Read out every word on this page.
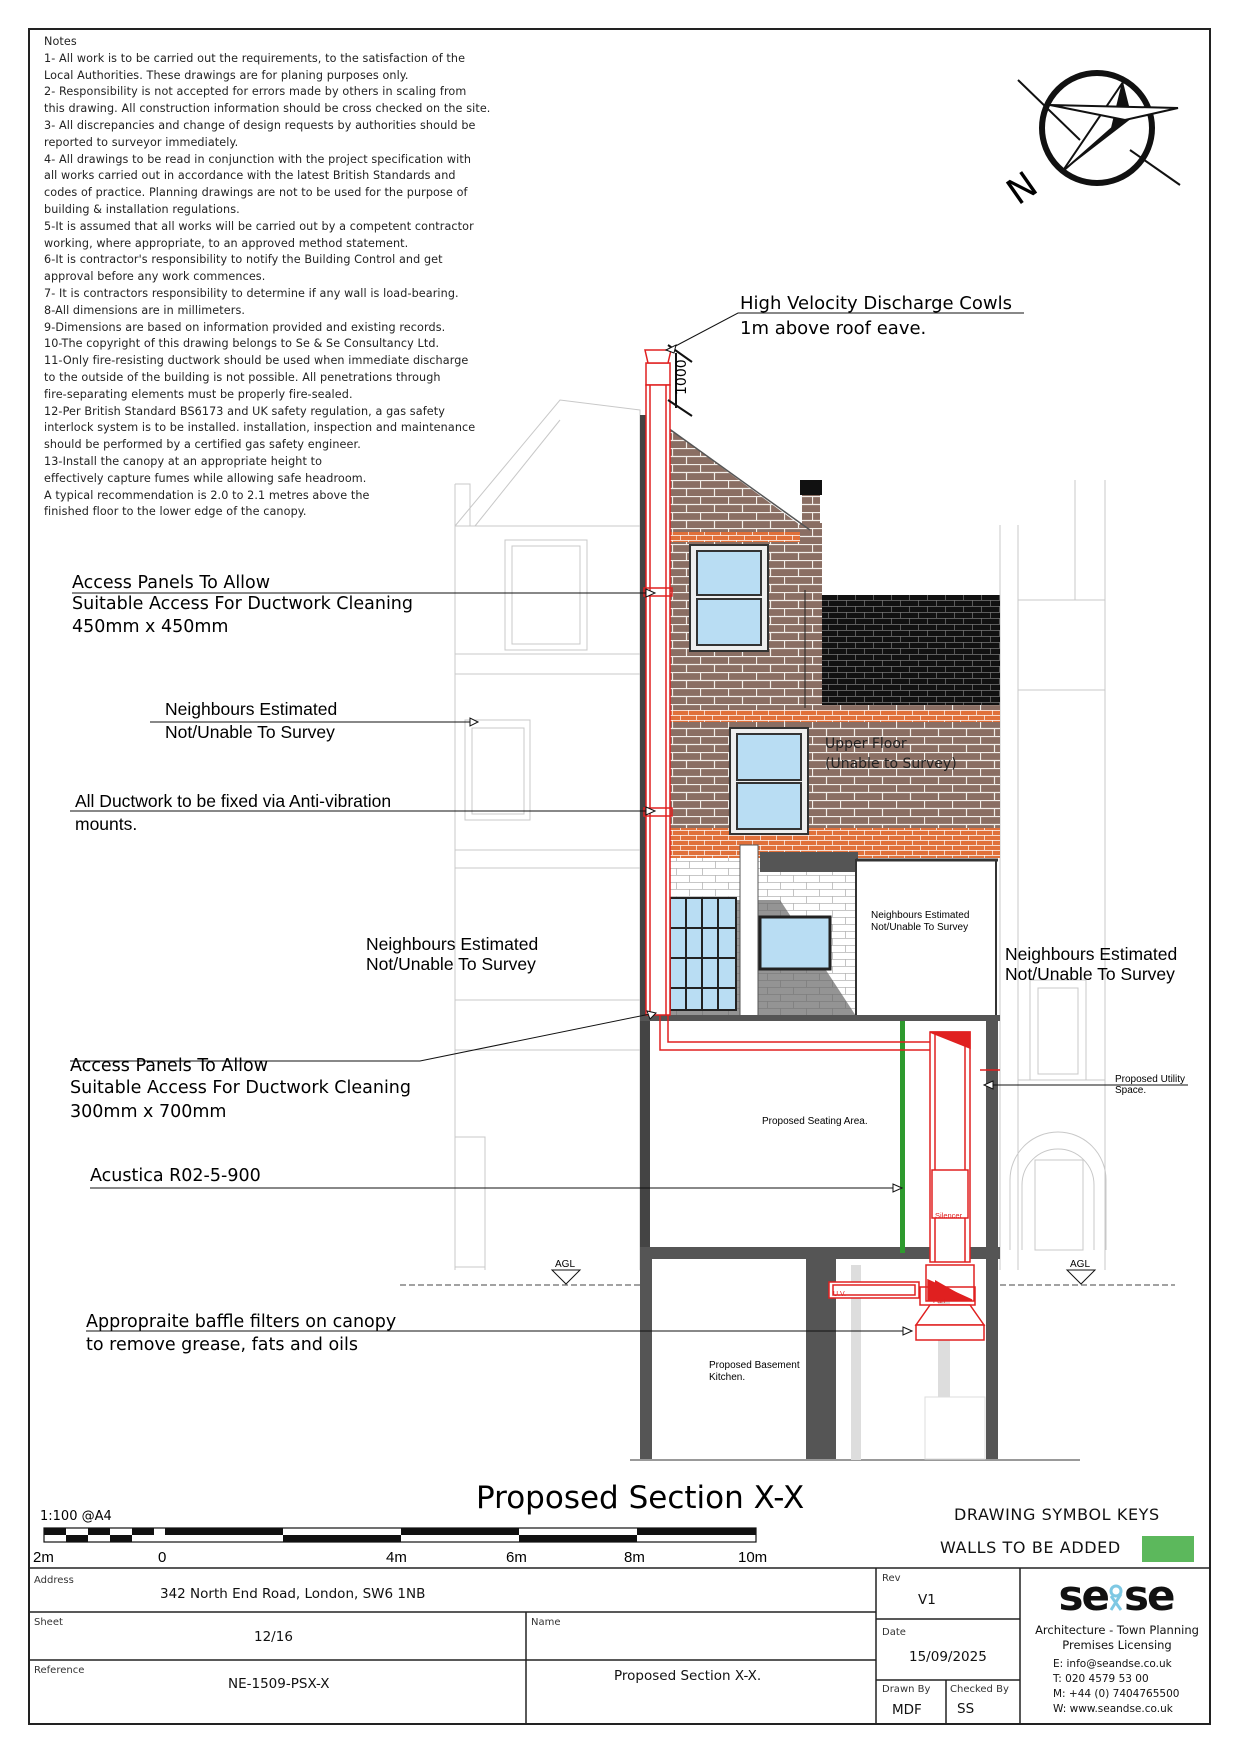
Notes
1- All work is to be carried out the requirements, to the satisfaction of the
Local Authorities. These drawings are for planing purposes only.
2- Responsibility is not accepted for errors made by others in scaling from
this drawing. All construction information should be cross checked on the site.
3- All discrepancies and change of design requests by authorities should be
reported to surveyor immediately.
4- All drawings to be read in conjunction with the project specification with
all works carried out in accordance with the latest British Standards and
codes of practice. Planning drawings are not to be used for the purpose of
building & installation regulations.
5-It is assumed that all works will be carried out by a competent contractor
working, where appropriate, to an approved method statement.
6-It is contractor's responsibility to notify the Building Control and get
approval before any work commences.
7- It is contractors responsibility to determine if any wall is load-bearing.
8-All dimensions are in millimeters.
9-Dimensions are based on information provided and existing records.
10-The copyright of this drawing belongs to Se & Se Consultancy Ltd.
11-Only fire-resisting ductwork should be used when immediate discharge
to the outside of the building is not possible. All penetrations through
fire-separating elements must be properly fire-sealed.
12-Per British Standard BS6173 and UK safety regulation, a gas safety
interlock system is to be installed. installation, inspection and maintenance
should be performed by a certified gas safety engineer.
13-Install the canopy at an appropriate height to
effectively capture fumes while allowing safe headroom.
A typical recommendation is 2.0 to 2.1 metres above the
finished floor to the lower edge of the canopy.
High Velocity Discharge Cowls
1m above roof eave.
1000
Access Panels To Allow
Suitable Access For Ductwork Cleaning
450mm x 450mm
Neighbours Estimated
Not/Unable To Survey
All Ductwork to be fixed via Anti-vibration
mounts.
Neighbours Estimated
Not/Unable To Survey	Neighbours Estimated
Not/Unable To Survey
Neighbours Estimated
Not/Unable To Survey
Upper Floor
(Unable to Survey)
Access Panels To Allow
Suitable Access For Ductwork Cleaning
300mm x 700mm
Acustica R02-5-900
Appropraite baffle filters on canopy
to remove grease, fats and oils
Proposed Seating Area.
Proposed Utility
Space.
Proposed Basement
Kitchen.
Silencer
Fan
U.V.
AGL	AGL
N
Proposed Section X-X
1:100 @A4
2m	0	4m	6m	8m	10m
DRAWING SYMBOL KEYS
WALLS TO BE ADDED
Address
342 North End Road, London, SW6 1NB
Sheet
12/16
Reference
NE-1509-PSX-X
Name
Proposed Section X-X.
Rev
V1
Date
15/09/2025
Drawn By
MDF
Checked By
SS
se se
Architecture - Town Planning
Premises Licensing
E: info@seandse.co.uk
T: 020 4579 53 00
M: +44 (0) 7404765500
W: www.seandse.co.uk
